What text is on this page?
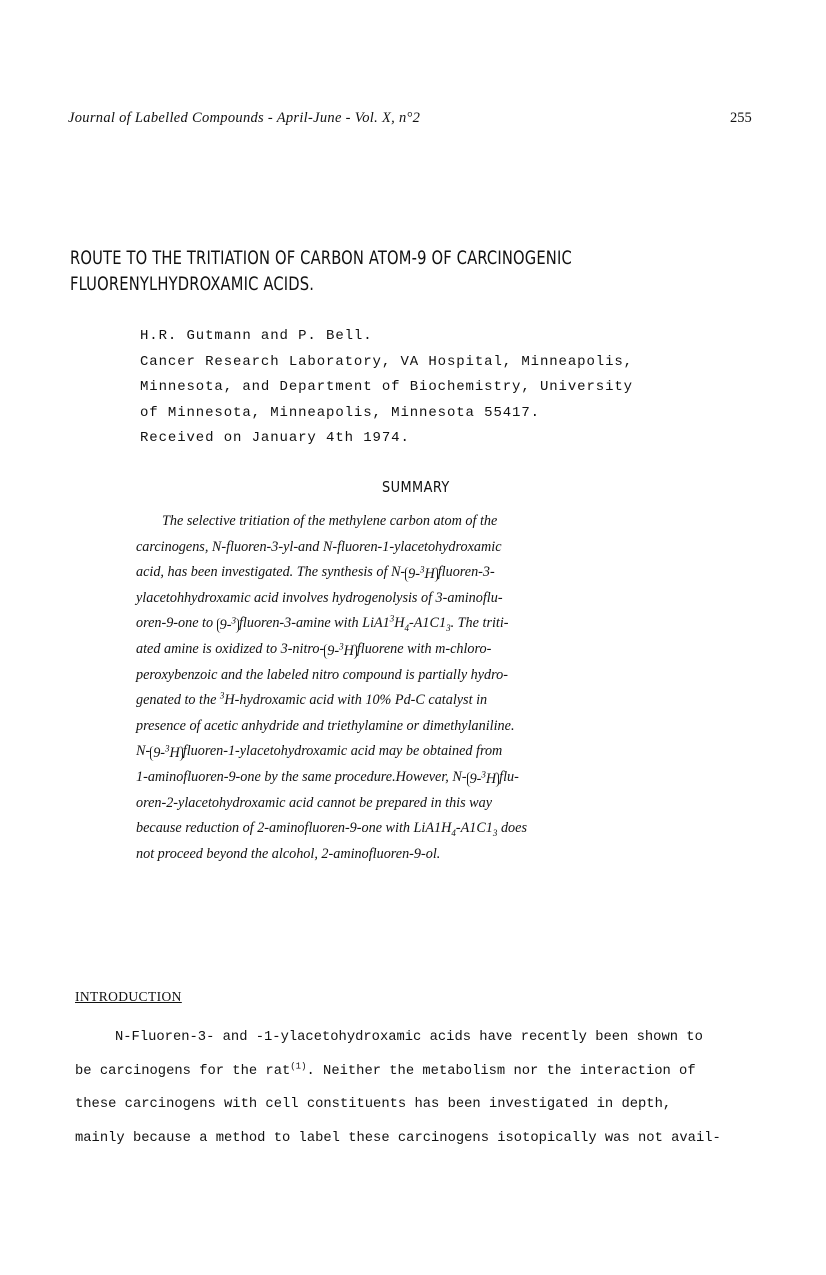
Journal of Labelled Compounds - April-June - Vol. X, n°2	255
ROUTE TO THE TRITIATION OF CARBON ATOM-9 OF CARCINOGENIC
FLUORENYLHYDROXAMIC ACIDS.
H.R. Gutmann and P. Bell.
Cancer Research Laboratory, VA Hospital, Minneapolis,
Minnesota, and Department of Biochemistry, University
of Minnesota, Minneapolis, Minnesota 55417.
Received on January 4th 1974.
SUMMARY
The selective tritiation of the methylene carbon atom of the
carcinogens, N-fluoren-3-yl-and N-fluoren-1-ylacetohydroxamic
acid, has been investigated. The synthesis of N- 9-$^3$H fluoren-3-
ylacetohhydroxamic acid involves hydrogenolysis of 3-aminoflu-
oren-9-one to 9-$^3$ fluoren-3-amine with $LiA1^3H_4-A1C1_3$. The triti-
ated amine is oxidized to 3-nitro- 9-$^3$H fluorene with m-chloro-
peroxybenzoic and the labeled nitro compound is partially hydro-
genated to the $^3$H-hydroxamic acid with 10% Pd-C catalyst in
presence of acetic anhydride and triethylamine or dimethylaniline.
N- 9-$^3$H fluoren-1-ylacetohydroxamic acid may be obtained from
1-aminofluoren-9-one by the same procedure.However, N- 9-$^3$H flu-
oren-2-ylacetohydroxamic acid cannot be prepared in this way
because reduction of 2-aminofluoren-9-one with $LiA1H_4-A1C1_3$ does
not proceed beyond the alcohol, 2-aminofluoren-9-ol.
INTRODUCTION
N-Fluoren-3- and -1-ylacetohydroxamic acids have recently been shown to
be carcinogens for the rat$^{(1)}$. Neither the metabolism nor the interaction of
these carcinogens with cell constituents has been investigated in depth,
mainly because a method to label these carcinogens isotopically was not avail-
